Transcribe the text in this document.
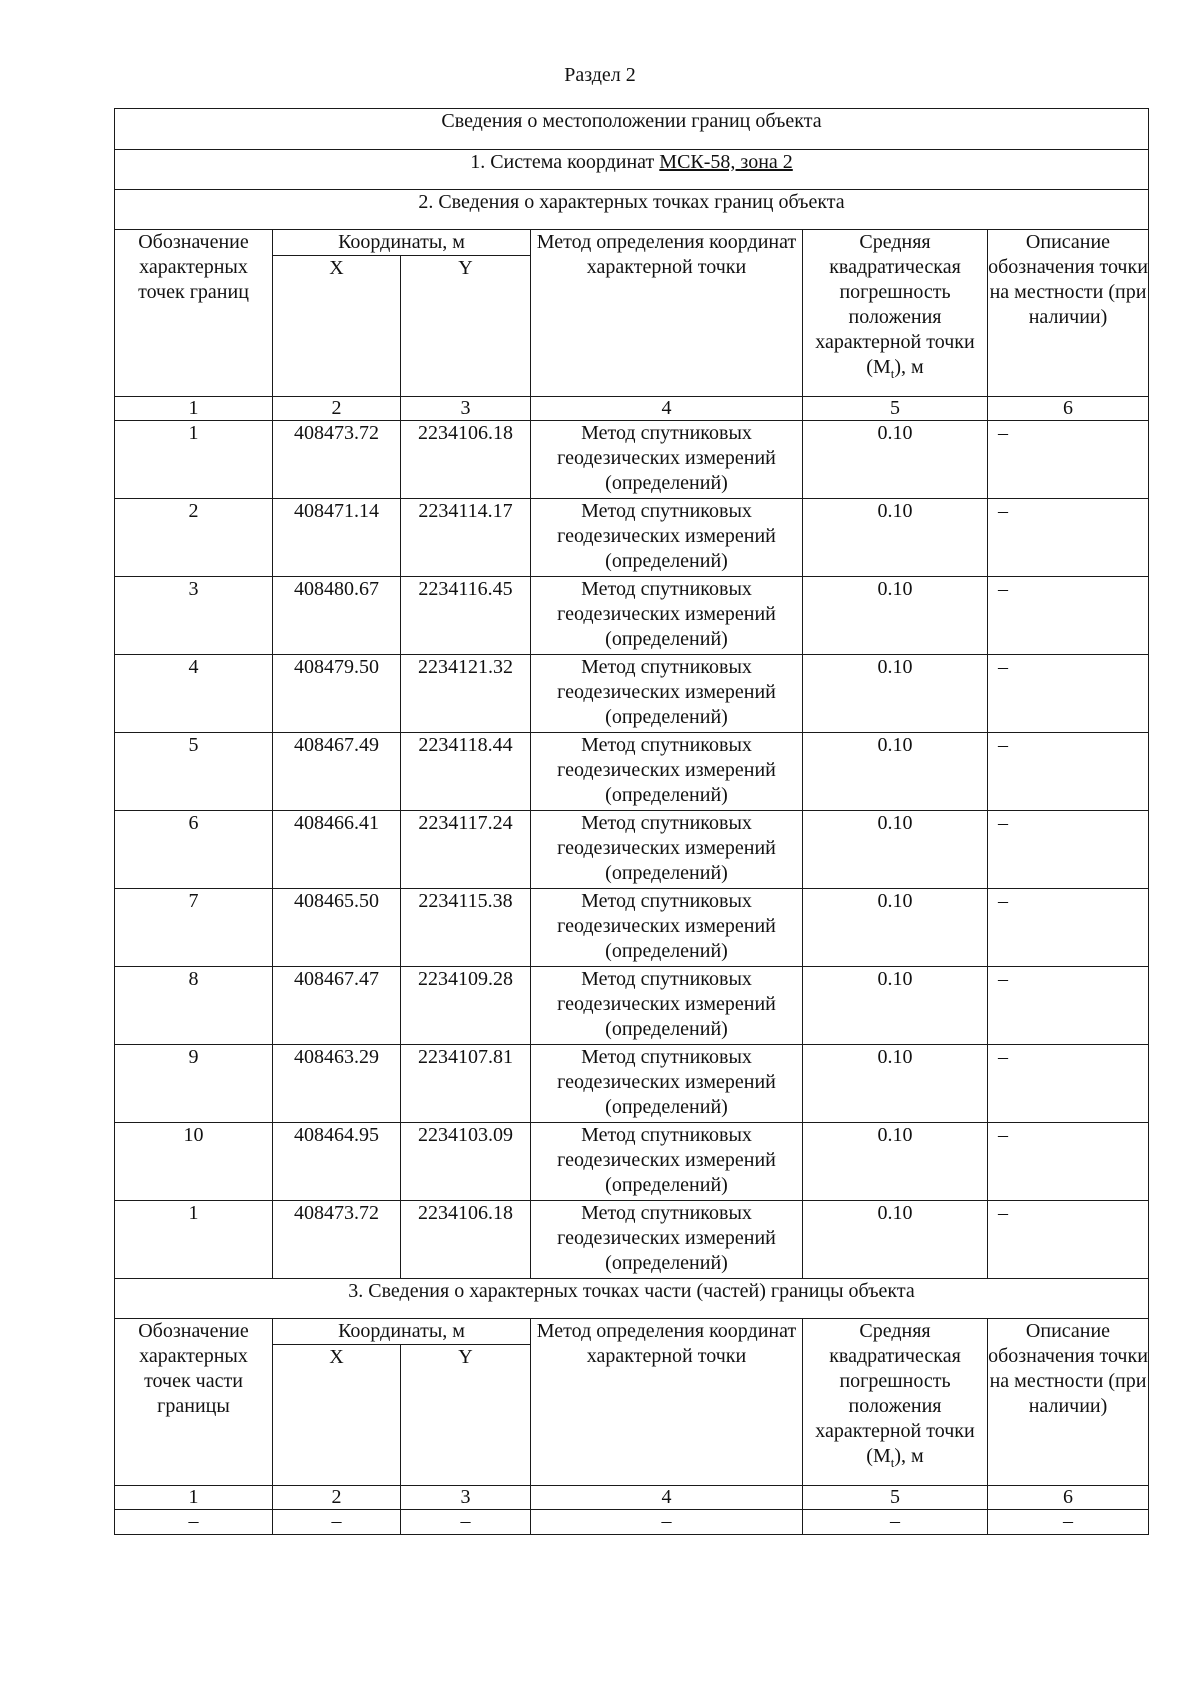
Раздел 2
Сведения о местоположении границ объекта					
1. Система координат МСК-58, зона 2					
2. Сведения о характерных точках границ объекта					
Обозначение характерных точек границ	Координаты, м		Метод определения координат характерной точки	Средняя квадратическая погрешность положения характерной точки $(M_t)$, м	Описание обозначения точки на местности (при наличии)
	X	Y			
1	2	3	4	5	6
1	408473.72	2234106.18	Метод спутниковых геодезических измерений (определений)	0.10	–
2	408471.14	2234114.17	Метод спутниковых геодезических измерений (определений)	0.10	–
3	408480.67	2234116.45	Метод спутниковых геодезических измерений (определений)	0.10	–
4	408479.50	2234121.32	Метод спутниковых геодезических измерений (определений)	0.10	–
5	408467.49	2234118.44	Метод спутниковых геодезических измерений (определений)	0.10	–
6	408466.41	2234117.24	Метод спутниковых геодезических измерений (определений)	0.10	–
7	408465.50	2234115.38	Метод спутниковых геодезических измерений (определений)	0.10	–
8	408467.47	2234109.28	Метод спутниковых геодезических измерений (определений)	0.10	–
9	408463.29	2234107.81	Метод спутниковых геодезических измерений (определений)	0.10	–
10	408464.95	2234103.09	Метод спутниковых геодезических измерений (определений)	0.10	–
1	408473.72	2234106.18	Метод спутниковых геодезических измерений (определений)	0.10	–
3. Сведения о характерных точках части (частей) границы объекта					
Обозначение характерных точек части границы	Координаты, м		Метод определения координат характерной точки	Средняя квадратическая погрешность положения характерной точки $(M_t)$, м	Описание обозначения точки на местности (при наличии)
	X	Y			
1	2	3	4	5	6
–	–	–	–	–	–
